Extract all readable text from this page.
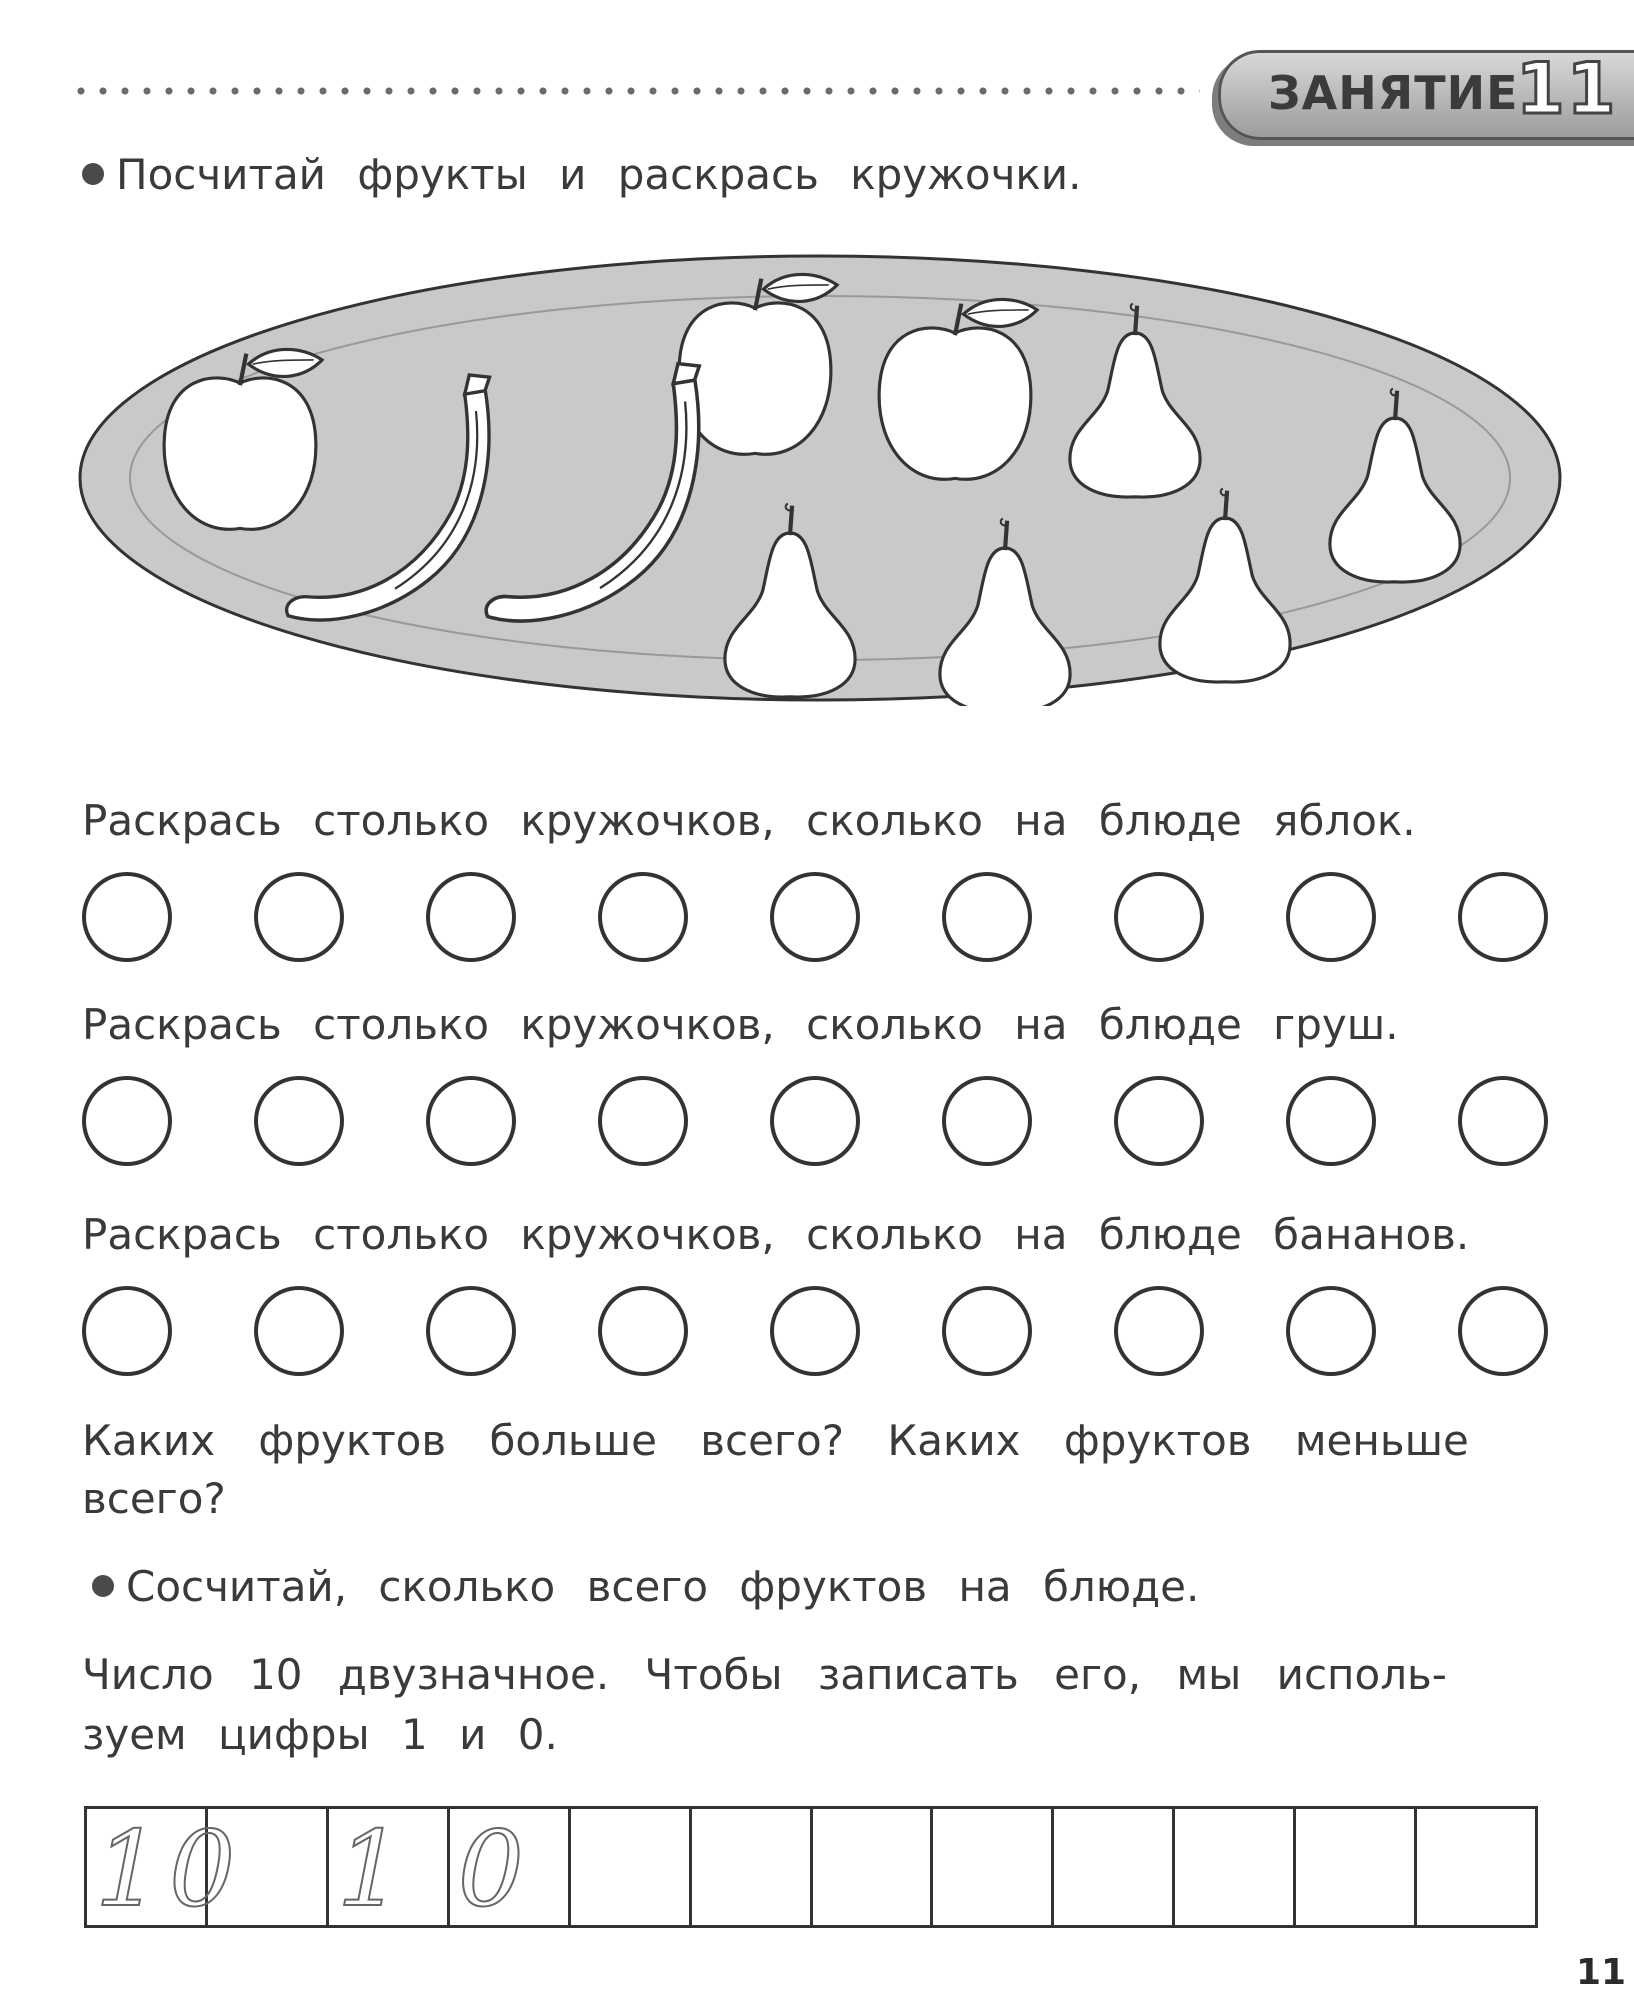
ЗАНЯТИЕ
11
Посчитай фрукты и раскрась кружочки.
Раскрась столько кружочков, сколько на блюде яблок.
Раскрась столько кружочков, сколько на блюде груш.
Раскрась столько кружочков, сколько на блюде бананов.
Каких фруктов больше всего? Каких фруктов меньше
всего?
Сосчитай, сколько всего фруктов на блюде.
Число 10 двузначное. Чтобы записать его, мы исполь-
зуем цифры 1 и 0.
10 1 0
11
